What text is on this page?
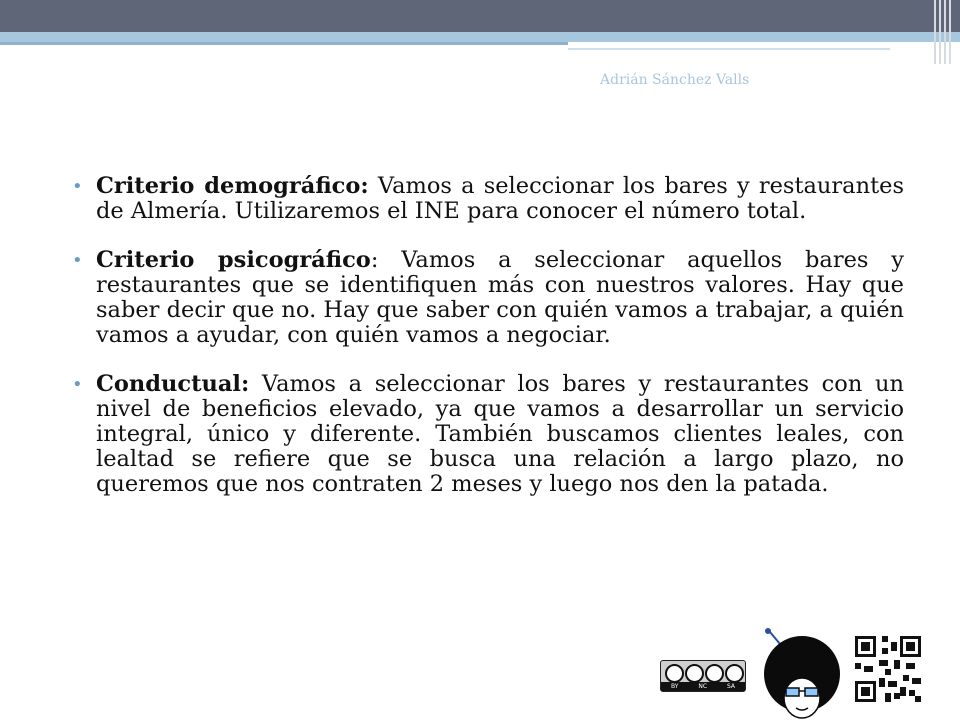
Adrián Sánchez Valls
• Criterio demográfico: Vamos a seleccionar los bares y restaurantes de Almería. Utilizaremos el INE para conocer el número total.
• Criterio psicográfico: Vamos a seleccionar aquellos bares y restaurantes que se identifiquen más con nuestros valores. Hay que saber decir que no. Hay que saber con quién vamos a trabajar, a quién vamos a ayudar, con quién vamos a negociar.
• Conductual: Vamos a seleccionar los bares y restaurantes con un nivel de beneficios elevado, ya que vamos a desarrollar un servicio integral, único y diferente. También buscamos clientes leales, con lealtad se refiere que se busca una relación a largo plazo, no queremos que nos contraten 2 meses y luego nos den la patada.
BY	NC	SA
